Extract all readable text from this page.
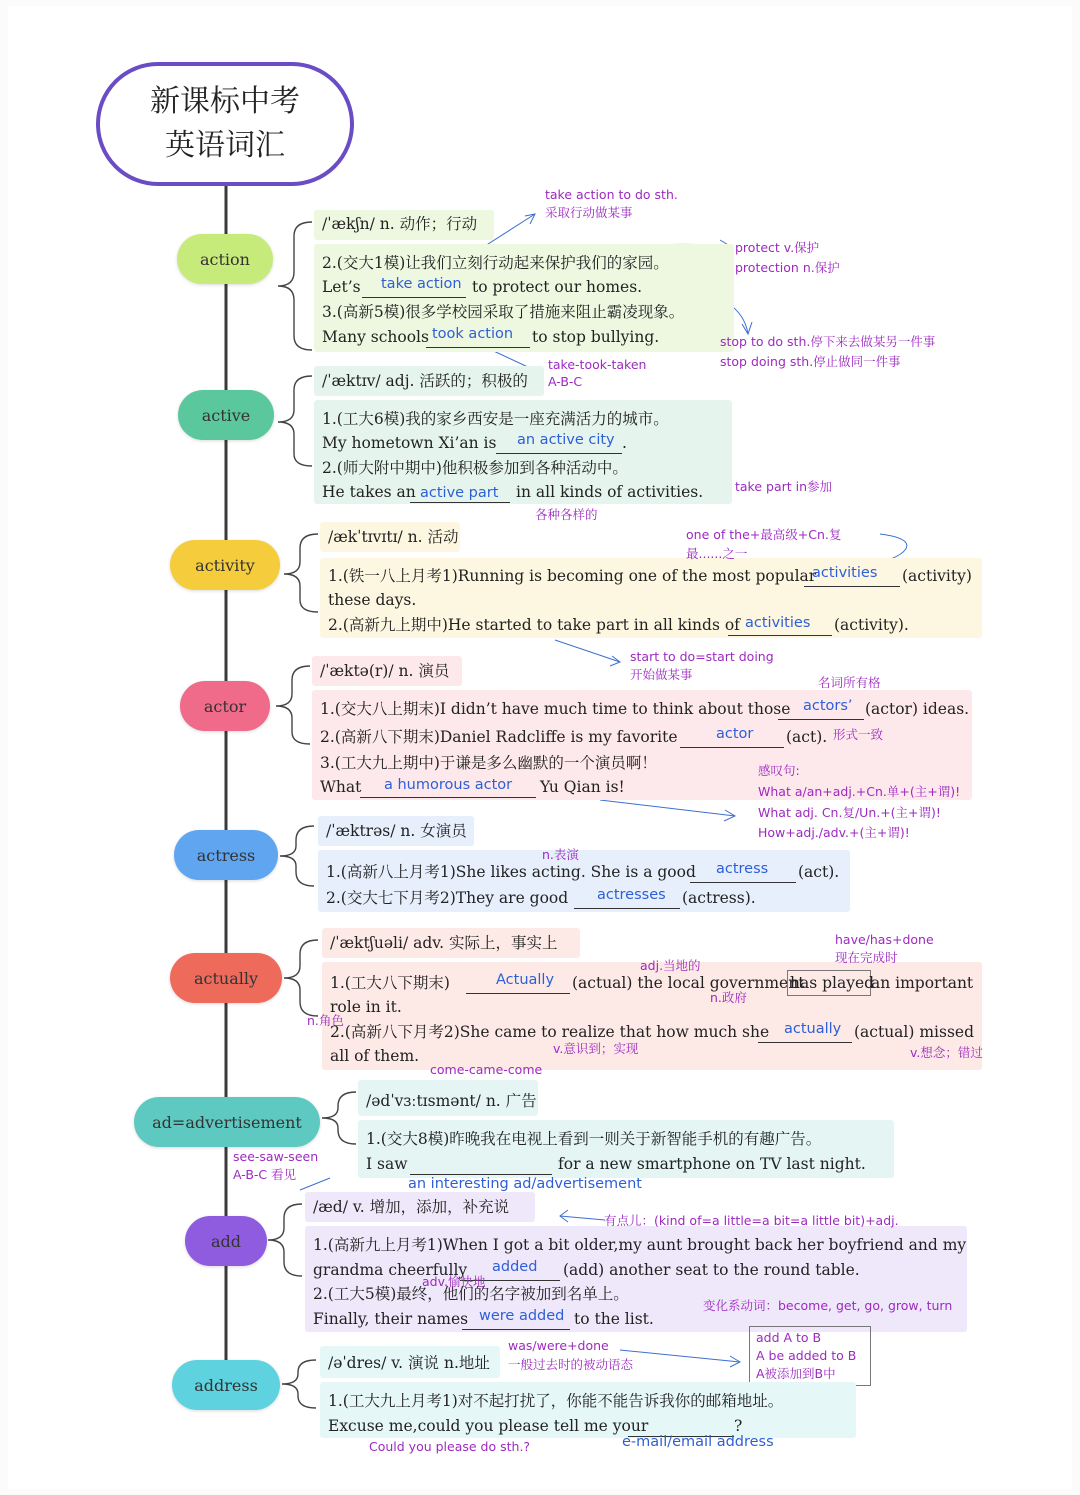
新课标中考
英语词汇
action
active
activity
actor
actress
actually
ad=advertisement
add
address
/ˈækʃn/ n. 动作；行动
2.(交大1模)让我们立刻行动起来保护我们的家园。
Let’s take action to protect our homes.
3.(高新5模)很多学校园采取了措施来阻止霸凌现象。
Many schools took action to stop bullying.
take action to do sth.
采取行动做某事
protect v.保护
protection n.保护
stop to do sth.停下来去做某另一件事
stop doing sth.停止做同一件事
take-took-taken
A-B-C
/ˈæktɪv/ adj. 活跃的；积极的
1.(工大6模)我的家乡西安是一座充满活力的城市。
My hometown Xi’an is an active city .
2.(师大附中期中)他积极参加到各种活动中。
He takes an active part in all kinds of activities.	take part in参加
各种各样的
/ækˈtɪvɪtɪ/ n. 活动
1.(铁一八上月考1)Running is becoming one of the most popular
activities (activity)
these days.
2.(高新九上期中)He started to take part in all kinds of activities (activity).
one of the+最高级+Cn.复
最......之一
start to do=start doing
开始做某事
/ˈæktə(r)/ n. 演员
1.(交大八上期末)I didn’t have much time to think about those actors’ (actor) ideas.
2.(高新八下期末)Daniel Radcliffe is my favorite	actor (act).
3.(工大九上期中)于谦是多么幽默的一个演员啊！
What a humorous actor Yu Qian is!
名词所有格
形式一致
感叹句:
What a/an+adj.+Cn.单+(主+谓)!
What adj. Cn.复/Un.+(主+谓)!
How+adj./adv.+(主+谓)!
/ˈæktrəs/ n. 女演员
1.(高新八上月考1)She likes acting. She is a good actress (act).
2.(交大七下月考2)They are good actresses (actress).
n.表演
/ˈæktʃuəli/ adv. 实际上，事实上
1.(工大八下期末)	Actually (actual) the local government
has played
an important
role in it.
2.(高新八下月考2)She came to realize that how much she actually (actual) missed
all of them.
have/has+done
现在完成时
adj.当地的
n.政府
n.角色
v.意识到；实现	v.想念；错过
come-came-come
/ədˈvɜːtɪsmənt/ n. 广告
1.(交大8模)昨晚我在电视上看到一则关于新智能手机的有趣广告。
I saw	for a new smartphone on TV last night.
an interesting ad/advertisement
see-saw-seen
A-B-C 看见
/æd/ v. 增加，添加，补充说
1.(高新九上月考1)When I got a bit older,my aunt brought back her boyfriend and my
grandma cheerfully added (add) another seat to the round table.
2.(工大5模)最终，他们的名字被加到名单上。
Finally, their names were added to the list.
有点儿：(kind of=a little=a bit=a little bit)+adj.
adv.愉快地
变化系动词：become, get, go, grow, turn
was/were+done
一般过去时的被动语态
add A to B
A be added to B
A被添加到B中
/əˈdres/ v. 演说 n.地址
1.(工大九上月考1)对不起打扰了，你能不能告诉我你的邮箱地址。
Excuse me,could you please tell me your	?
e-mail/email address
Could you please do sth.?
